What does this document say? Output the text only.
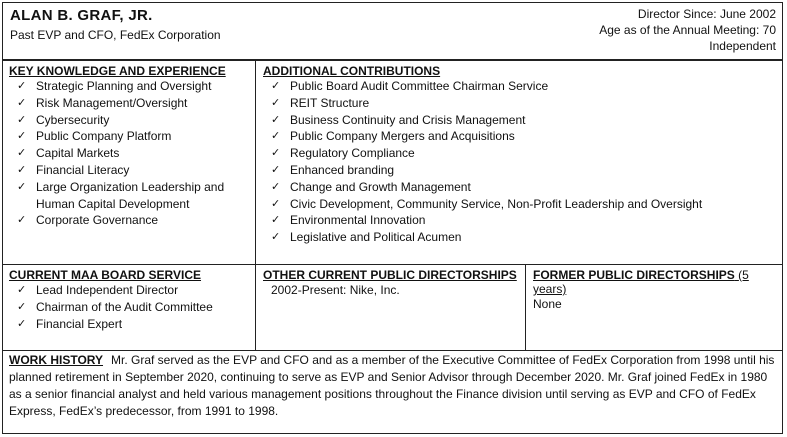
ALAN B. GRAF, JR.
Past EVP and CFO, FedEx Corporation
Director Since: June 2002
Age as of the Annual Meeting: 70
Independent
KEY KNOWLEDGE AND EXPERIENCE
✓ Strategic Planning and Oversight
✓ Risk Management/Oversight
✓ Cybersecurity
✓ Public Company Platform
✓ Capital Markets
✓ Financial Literacy
✓ Large Organization Leadership and Human Capital Development
✓ Corporate Governance
ADDITIONAL CONTRIBUTIONS
✓ Public Board Audit Committee Chairman Service
✓ REIT Structure
✓ Business Continuity and Crisis Management
✓ Public Company Mergers and Acquisitions
✓ Regulatory Compliance
✓ Enhanced branding
✓ Change and Growth Management
✓ Civic Development, Community Service, Non-Profit Leadership and Oversight
✓ Environmental Innovation
✓ Legislative and Political Acumen
CURRENT MAA BOARD SERVICE
✓ Lead Independent Director
✓ Chairman of the Audit Committee
✓ Financial Expert
OTHER CURRENT PUBLIC DIRECTORSHIPS
2002-Present: Nike, Inc.
FORMER PUBLIC DIRECTORSHIPS (5 years)
None
WORK HISTORY Mr. Graf served as the EVP and CFO and as a member of the Executive Committee of FedEx Corporation from 1998 until his planned retirement in September 2020, continuing to serve as EVP and Senior Advisor through December 2020. Mr. Graf joined FedEx in 1980 as a senior financial analyst and held various management positions throughout the Finance division until serving as EVP and CFO of FedEx Express, FedEx’s predecessor, from 1991 to 1998.
